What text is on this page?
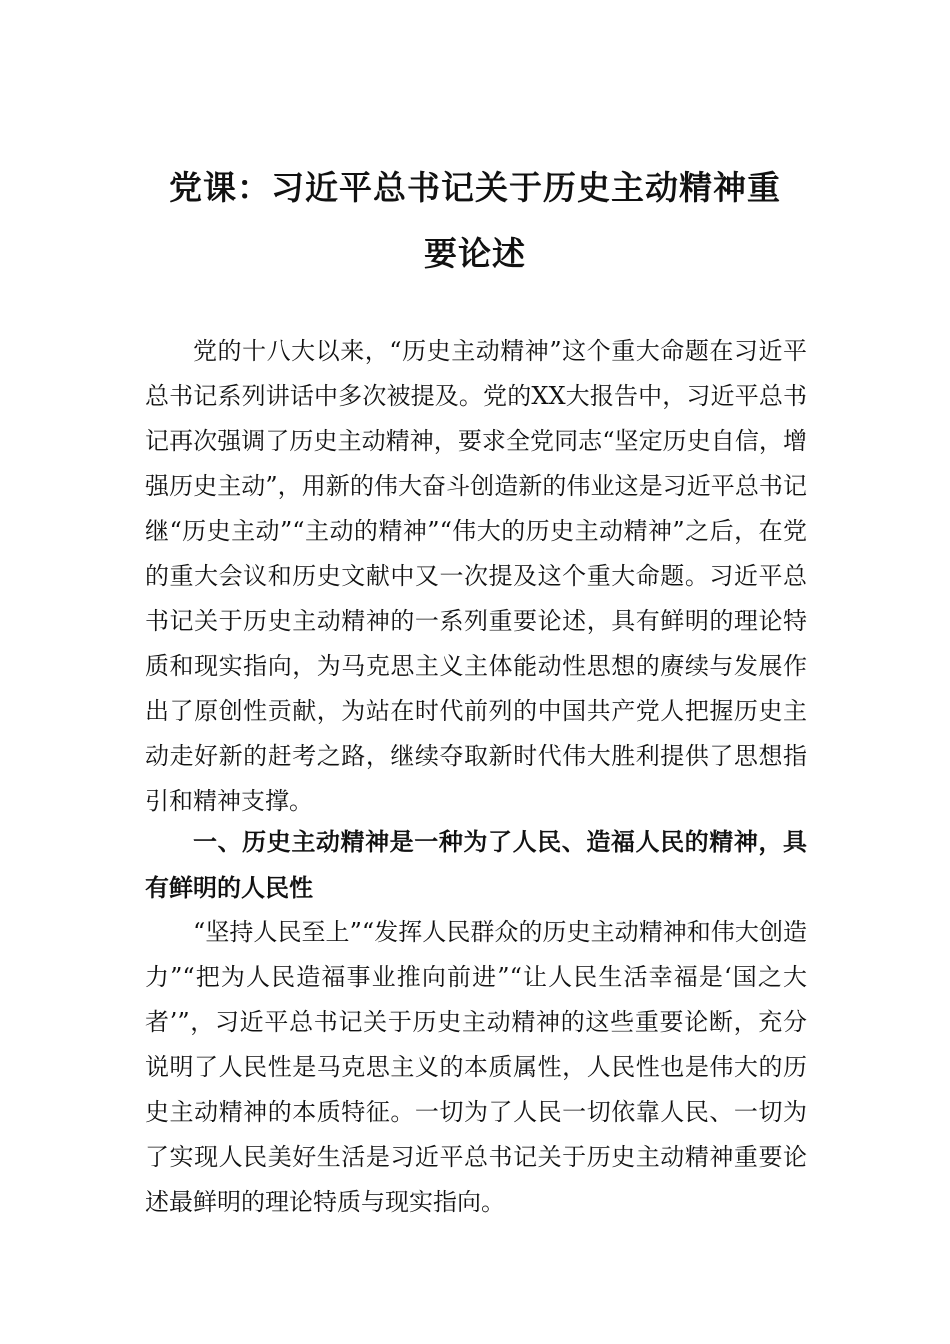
党课：习近平总书记关于历史主动精神重
要论述

党的十八大以来，“历史主动精神”这个重大命题在习近平总书记系列讲话中多次被提及。党的XX大报告中，习近平总书记再次强调了历史主动精神，要求全党同志“坚定历史自信，增强历史主动”，用新的伟大奋斗创造新的伟业这是习近平总书记继“历史主动”“主动的精神”“伟大的历史主动精神”之后，在党的重大会议和历史文献中又一次提及这个重大命题。习近平总书记关于历史主动精神的一系列重要论述，具有鲜明的理论特质和现实指向，为马克思主义主体能动性思想的赓续与发展作出了原创性贡献，为站在时代前列的中国共产党人把握历史主动走好新的赶考之路，继续夺取新时代伟大胜利提供了思想指引和精神支撑。

一、历史主动精神是一种为了人民、造福人民的精神，具有鲜明的人民性

“坚持人民至上”“发挥人民群众的历史主动精神和伟大创造力”“把为人民造福事业推向前进”“让人民生活幸福是‘国之大者’”，习近平总书记关于历史主动精神的这些重要论断，充分说明了人民性是马克思主义的本质属性，人民性也是伟大的历史主动精神的本质特征。一切为了人民一切依靠人民、一切为了实现人民美好生活是习近平总书记关于历史主动精神重要论述最鲜明的理论特质与现实指向。
